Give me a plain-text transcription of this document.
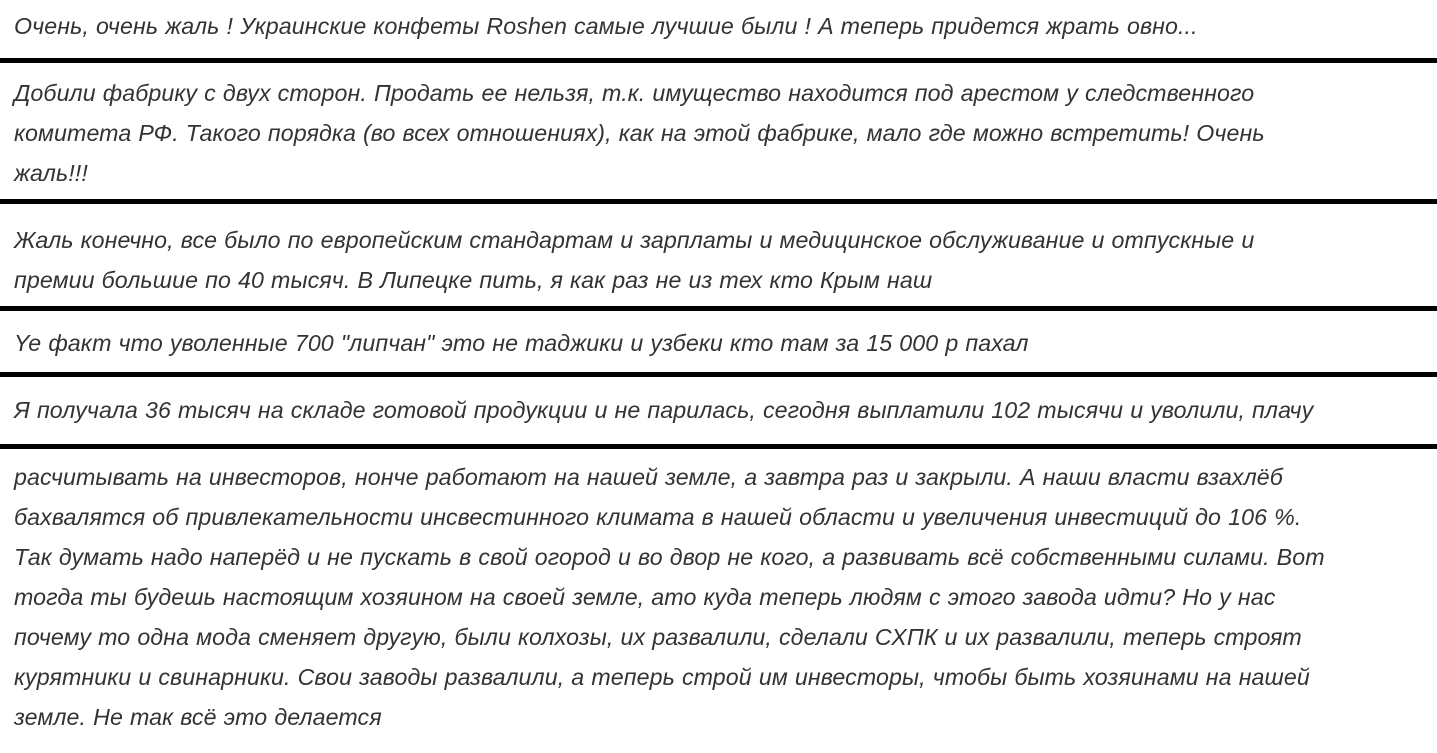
Очень, очень жаль ! Украинские конфеты Roshen самые лучшие были ! А теперь придется жрать овно...
Добили фабрику с двух сторон. Продать ее нельзя, т.к. имущество находится под арестом у следственного
комитета РФ. Такого порядка (во всех отношениях), как на этой фабрике, мало где можно встретить! Очень
жаль!!!
Жаль конечно, все было по европейским стандартам и зарплаты и медицинское обслуживание и отпускные и
премии большие по 40 тысяч. В Липецке пить, я как раз не из тех кто Крым наш
Ye факт что уволенные 700 "липчан" это не таджики и узбеки кто там за 15 000 р пахал
Я получала 36 тысяч на складе готовой продукции и не парилась, сегодня выплатили 102 тысячи и уволили, плачу
расчитывать на инвесторов, нонче работают на нашей земле, а завтра раз и закрыли. А наши власти взахлёб
бахвалятся об привлекательности инсвестинного климата в нашей области и увеличения инвестиций до 106 %.
Так думать надо наперёд и не пускать в свой огород и во двор не кого, а развивать всё собственными силами. Вот
тогда ты будешь настоящим хозяином на своей земле, ато куда теперь людям с этого завода идти? Но у нас
почему то одна мода сменяет другую, были колхозы, их развалили, сделали СХПК и их развалили, теперь строят
курятники и свинарники. Свои заводы развалили, а теперь строй им инвесторы, чтобы быть хозяинами на нашей
земле. Не так всё это делается
